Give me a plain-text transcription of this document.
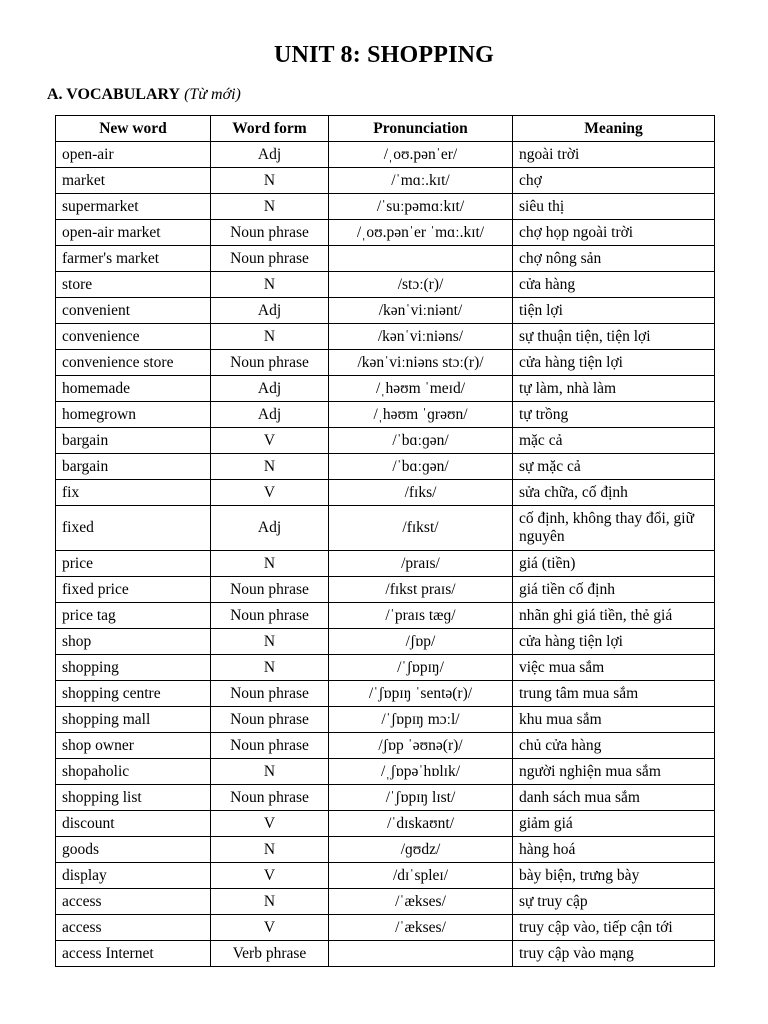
UNIT 8: SHOPPING
A. VOCABULARY (Từ mới)
New word	Word form	Pronunciation	Meaning
open-air	Adj	/ˌoʊ.pənˈer/	ngoài trời
market	N	/ˈmɑː.kɪt/	chợ
supermarket	N	/ˈsuːpəmɑːkɪt/	siêu thị
open-air market	Noun phrase	/ˌoʊ.pənˈer ˈmɑː.kɪt/	chợ họp ngoài trời
farmer's market	Noun phrase		chợ nông sản
store	N	/stɔː(r)/	cửa hàng
convenient	Adj	/kənˈviːniənt/	tiện lợi
convenience	N	/kənˈviːniəns/	sự thuận tiện, tiện lợi
convenience store	Noun phrase	/kənˈviːniəns stɔː(r)/	cửa hàng tiện lợi
homemade	Adj	/ˌhəʊm ˈmeɪd/	tự làm, nhà làm
homegrown	Adj	/ˌhəʊm ˈɡrəʊn/	tự trồng
bargain	V	/ˈbɑːɡən/	mặc cả
bargain	N	/ˈbɑːɡən/	sự mặc cả
fix	V	/fɪks/	sửa chữa, cố định
fixed	Adj	/fɪkst/	cố định, không thay đổi, giữ nguyên
price	N	/praɪs/	giá (tiền)
fixed price	Noun phrase	/fɪkst praɪs/	giá tiền cố định
price tag	Noun phrase	/ˈpraɪs tæɡ/	nhãn ghi giá tiền, thẻ giá
shop	N	/ʃɒp/	cửa hàng tiện lợi
shopping	N	/ˈʃɒpɪŋ/	việc mua sắm
shopping centre	Noun phrase	/ˈʃɒpɪŋ ˈsentə(r)/	trung tâm mua sắm
shopping mall	Noun phrase	/ˈʃɒpɪŋ mɔːl/	khu mua sắm
shop owner	Noun phrase	/ʃɒp ˈəʊnə(r)/	chủ cửa hàng
shopaholic	N	/ˌʃɒpəˈhɒlɪk/	người nghiện mua sắm
shopping list	Noun phrase	/ˈʃɒpɪŋ lɪst/	danh sách mua sắm
discount	V	/ˈdɪskaʊnt/	giảm giá
goods	N	/ɡʊdz/	hàng hoá
display	V	/dɪˈspleɪ/	bày biện, trưng bày
access	N	/ˈækses/	sự truy cập
access	V	/ˈækses/	truy cập vào, tiếp cận tới
access Internet	Verb phrase		truy cập vào mạng
